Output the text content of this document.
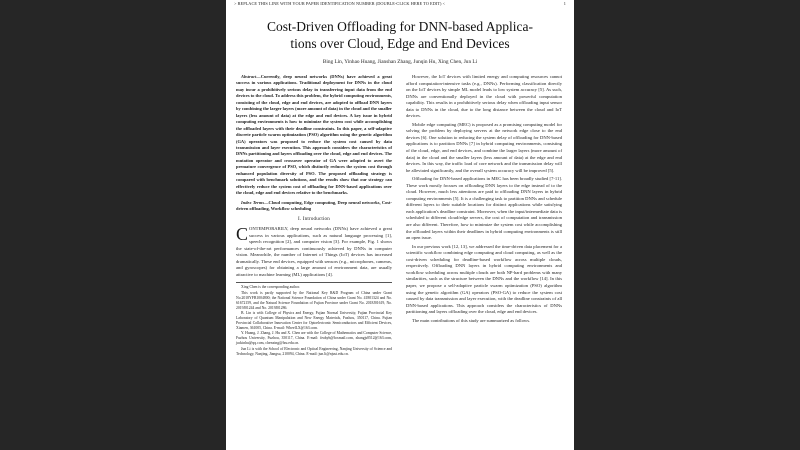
> REPLACE THIS LINE WITH YOUR PAPER IDENTIFICATION NUMBER (DOUBLE-CLICK HERE TO EDIT) <	1
Cost-Driven Offloading for DNN-based Applica-
tions over Cloud, Edge and End Devices
Bing Lin, Yinhao Huang, Jianshan Zhang, Junqin Hu, Xing Chen, Jun Li

Abstract—Currently, deep neural networks (DNNs) have achieved a great success in various applications. Traditional deployment for DNNs in the cloud may incur a prohibitively serious delay in transferring input data from the end devices to the cloud. To address this problem, the hybrid computing environments, consisting of the cloud, edge and end devices, are adopted to offload DNN layers by combining the larger layers (more amount of data) in the cloud and the smaller layers (less amount of data) at the edge and end devices. A key issue in hybrid computing environments is how to minimize the system cost while accomplishing the offloaded layers with their deadline constraints. In this paper, a self-adaptive discrete particle swarm optimization (PSO) algorithm using the genetic algorithm (GA) operators was proposed to reduce the system cost caused by data transmission and layer execution. This approach considers the characteristics of DNNs partitioning and layers offloading over the cloud, edge and end devices. The mutation operator and crossover operator of GA were adopted to avert the premature convergence of PSO, which distinctly reduces the system cost through enhanced population diversity of PSO. The proposed offloading strategy is compared with benchmark solutions, and the results show that our strategy can effectively reduce the system cost of offloading for DNN-based applications over the cloud, edge and end devices relative to the benchmarks.

Index Terms—Cloud computing, Edge computing, Deep neural networks, Cost-driven offloading, Workflow scheduling

I. Introduction

CONTEMPORARILY, deep neural networks (DNNs) have achieved a great success in various applications, such as natural language processing [1], speech recognition [2], and computer vision [3]. For example, Fig. 1 shows the state-of-the-art performances continuously achieved by DNNs in computer vision. Meanwhile, the number of Internet of Things (IoT) devices has increased dramatically. These end devices, equipped with sensors (e.g., microphones, cameras, and gyroscopes) for obtaining a large amount of environment data, are usually attractive to machine learning (ML) applications [4].

Xing Chen is the corresponding author.

This work is partly supported by the National Key R&D Program of China under Grant No.2018YFB1004800; the National Science Foundation of China under Grant No. 41801324 and No. 61672159, and the Natural Science Foundation of Fujian Province under Grant No. 2018J01619, No. 2019J01244 and No. 2019J01286.

B. Lin is with College of Physics and Energy, Fujian Normal University, Fujian Provincial Key Laboratory of Quantum Manipulation and New Energy Materials, Fuzhou, 350117, China. Fujian Provincial Collaborative Innovation Center for Optoelectronic Semiconductors and Efficient Devices, Xiamen, 361005, China. E-mail: WheelLX@163.com.

Y. Huang, J. Zhang, J. Hu and X. Chen are with the College of Mathematics and Computer Science, Fuzhou University, Fuzhou, 350117, China. E-mail: feabyh@foxmail.com, zhangjs0512@163.com, jackinhu@qq.com, chenxing@fzu.edu.cn.

Jun Li is with the School of Electronic and Optical Engineering, Nanjing University of Science and Technology, Nanjing, Jiangsu, 210094, China. E-mail: jun.li@njust.edu.cn.

However, the IoT devices with limited energy and computing resources cannot afford computation-intensive tasks (e.g., DNNs). Performing classification directly on the IoT devices by simple ML model leads to low system accuracy [5]. As such, DNNs are conventionally deployed in the cloud with powerful computation capability. This results in a prohibitively serious delay when offloading input sensor data to DNNs in the cloud, due to the long distance between the cloud and IoT devices.

Mobile edge computing (MEC) is proposed as a promising computing model for solving the problem by deploying servers at the network edge close to the end devices [6]. One solution to reducing the system delay of offloading for DNN-based applications is to partition DNNs [7] in hybrid computing environments, consisting of the cloud, edge, and end devices, and combine the larger layers (more amount of data) in the cloud and the smaller layers (less amount of data) at the edge and end devices. In this way, the traffic load of core network and the transmission delay will be alleviated significantly, and the overall system accuracy will be improved [5].

Offloading for DNN-based applications in MEC has been broadly studied [7-11]. These work mostly focuses on offloading DNN layers to the edge instead of to the cloud. However, much less attentions are paid to offloading DNN layers in hybrid computing environments [5]. It is a challenging task to partition DNNs and schedule different layers to their suitable locations for distinct applications while satisfying each application's deadline constraint. Moreover, when the input/intermediate data is scheduled to different cloud/edge servers, the cost of computation and transmission are also different. Therefore, how to minimize the system cost while accomplishing the offloaded layers within their deadlines in hybrid computing environments is still an open issue.

In our previous work [12, 13], we addressed the time-driven data placement for a scientific workflow combining edge computing and cloud computing, as well as the cost-driven scheduling for deadline-based workflow across multiple clouds, respectively. Offloading DNN layers in hybrid computing environments and workflow scheduling across multiple clouds are both NP-hard problems with many similarities, such as the structure between the DNNs and the workflow [14]. In this paper, we propose a self-adaptive particle swarm optimization (PSO) algorithm using the genetic algorithm (GA) operators (PSO-GA) to reduce the system cost caused by data transmission and layer execution, with the deadline constraints of all DNN-based applications. This approach considers the characteristics of DNNs partitioning and layers offloading over the cloud, edge and end devices.

The main contributions of this study are summarized as follows.
